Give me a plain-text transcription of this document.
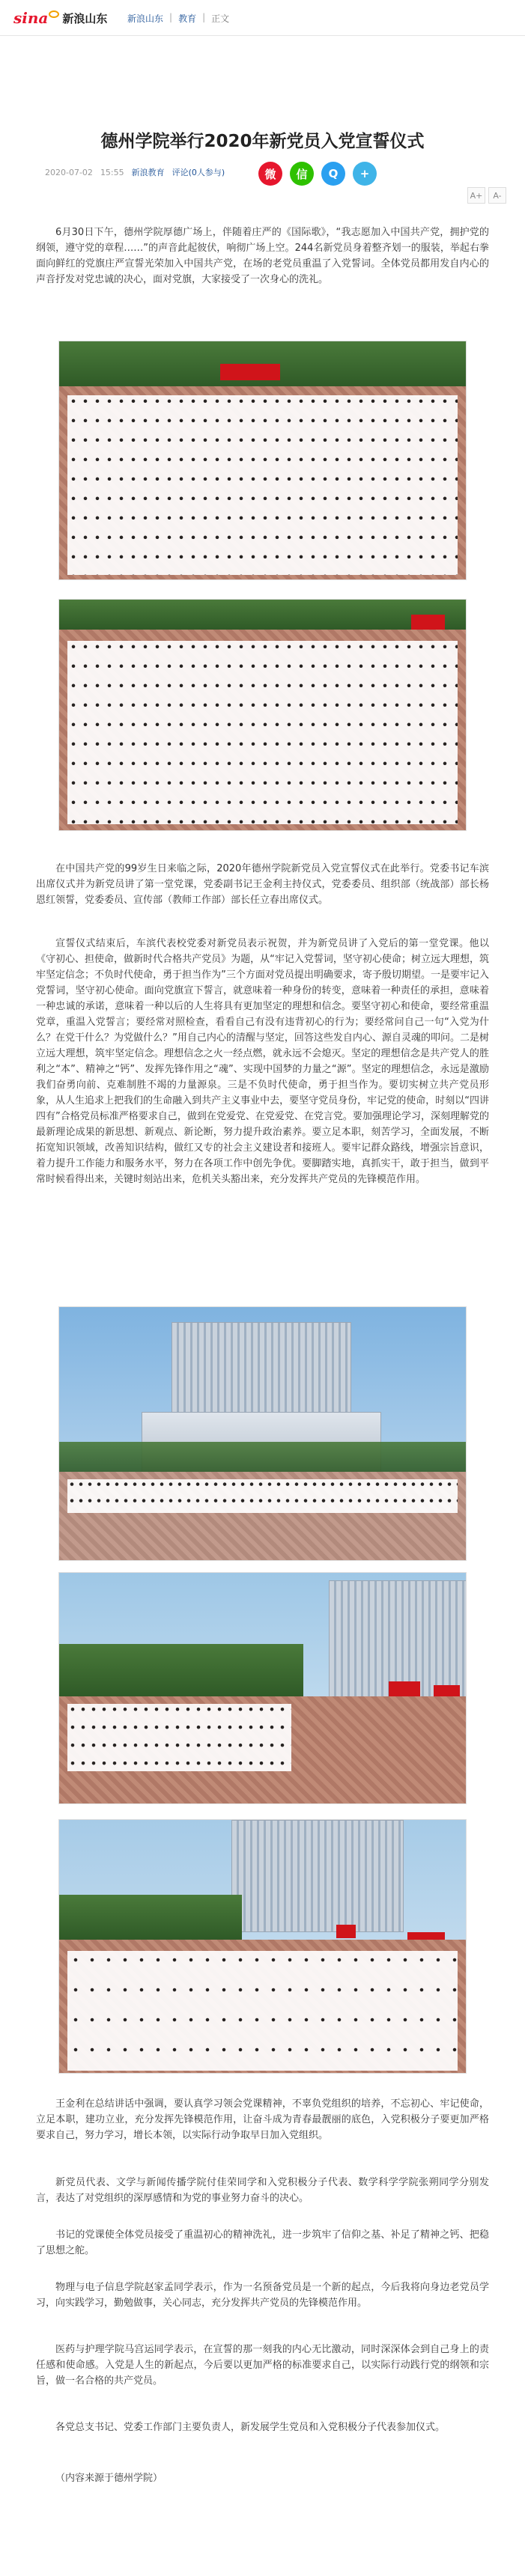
sina 新浪山东 新浪山东 | 教育 | 正文
德州学院举行2020年新党员入党宣誓仪式
2020-07-02 15:55 新浪教育 评论(0人参与)	微	信	Q	+
A+	A-

6月30日下午，德州学院厚德广场上，伴随着庄严的《国际歌》，“我志愿加入中国共产党，拥护党的纲领，遵守党的章程……”的声音此起彼伏，响彻广场上空。244名新党员身着整齐划一的服装，举起右拳面向鲜红的党旗庄严宣誓光荣加入中国共产党，在场的老党员重温了入党誓词。全体党员都用发自内心的声音抒发对党忠诚的决心，面对党旗，大家接受了一次身心的洗礼。

在中国共产党的99岁生日来临之际，2020年德州学院新党员入党宣誓仪式在此举行。党委书记车滨出席仪式并为新党员讲了第一堂党课，党委副书记王金利主持仪式，党委委员、组织部（统战部）部长杨恩红领誓，党委委员、宣传部（教师工作部）部长任立春出席仪式。

宣誓仪式结束后，车滨代表校党委对新党员表示祝贺，并为新党员讲了入党后的第一堂党课。他以《守初心、担使命，做新时代合格共产党员》为题，从“牢记入党誓词，坚守初心使命；树立远大理想，筑牢坚定信念；不负时代使命，勇于担当作为”三个方面对党员提出明确要求，寄予殷切期望。一是要牢记入党誓词，坚守初心使命。面向党旗宣下誓言，就意味着一种身份的转变，意味着一种责任的承担，意味着一种忠诚的承诺，意味着一种以后的人生将具有更加坚定的理想和信念。要坚守初心和使命，要经常重温党章，重温入党誓言；要经常对照检查，看看自己有没有违背初心的行为；要经常问自己一句“入党为什么？在党干什么？为党做什么？”用自己内心的清醒与坚定，回答这些发自内心、源自灵魂的叩问。二是树立远大理想，筑牢坚定信念。理想信念之火一经点燃，就永远不会熄灭。坚定的理想信念是共产党人的胜利之“本”、精神之“钙”、发挥先锋作用之“魂”、实现中国梦的力量之“源”。坚定的理想信念，永远是激励我们奋勇向前、克难制胜不竭的力量源泉。三是不负时代使命，勇于担当作为。要切实树立共产党员形象，从人生追求上把我们的生命融入到共产主义事业中去，要坚守党员身份，牢记党的使命，时刻以“四讲四有”合格党员标准严格要求自己，做到在党爱党、在党爱党、在党言党。要加强理论学习，深刻理解党的最新理论成果的新思想、新观点、新论断，努力提升政治素养。要立足本职，刻苦学习，全面发展，不断拓宽知识领域，改善知识结构，做红又专的社会主义建设者和接班人。要牢记群众路线，增强宗旨意识，着力提升工作能力和服务水平，努力在各项工作中创先争优。要脚踏实地，真抓实干，敢于担当，做到平常时候看得出来，关键时刻站出来，危机关头豁出来，充分发挥共产党员的先锋模范作用。

王金利在总结讲话中强调，要认真学习领会党课精神，不辜负党组织的培养，不忘初心、牢记使命，立足本职，建功立业，充分发挥先锋模范作用，让奋斗成为青春最靓丽的底色，入党积极分子要更加严格要求自己，努力学习，增长本领，以实际行动争取早日加入党组织。

新党员代表、文学与新闻传播学院付佳荣同学和入党积极分子代表、数学科学学院张朔同学分别发言，表达了对党组织的深厚感情和为党的事业努力奋斗的决心。

书记的党课使全体党员接受了重温初心的精神洗礼，进一步筑牢了信仰之基、补足了精神之钙、把稳了思想之舵。

物理与电子信息学院赵家孟同学表示，作为一名预备党员是一个新的起点，今后我将向身边老党员学习，向实践学习，勤勉做事，关心同志，充分发挥共产党员的先锋模范作用。

医药与护理学院马宫运同学表示，在宣誓的那一刻我的内心无比激动，同时深深体会到自己身上的责任感和使命感。入党是人生的新起点，今后要以更加严格的标准要求自己，以实际行动践行党的纲领和宗旨，做一名合格的共产党员。

各党总支书记、党委工作部门主要负责人，新发展学生党员和入党积极分子代表参加仪式。

（内容来源于德州学院）
